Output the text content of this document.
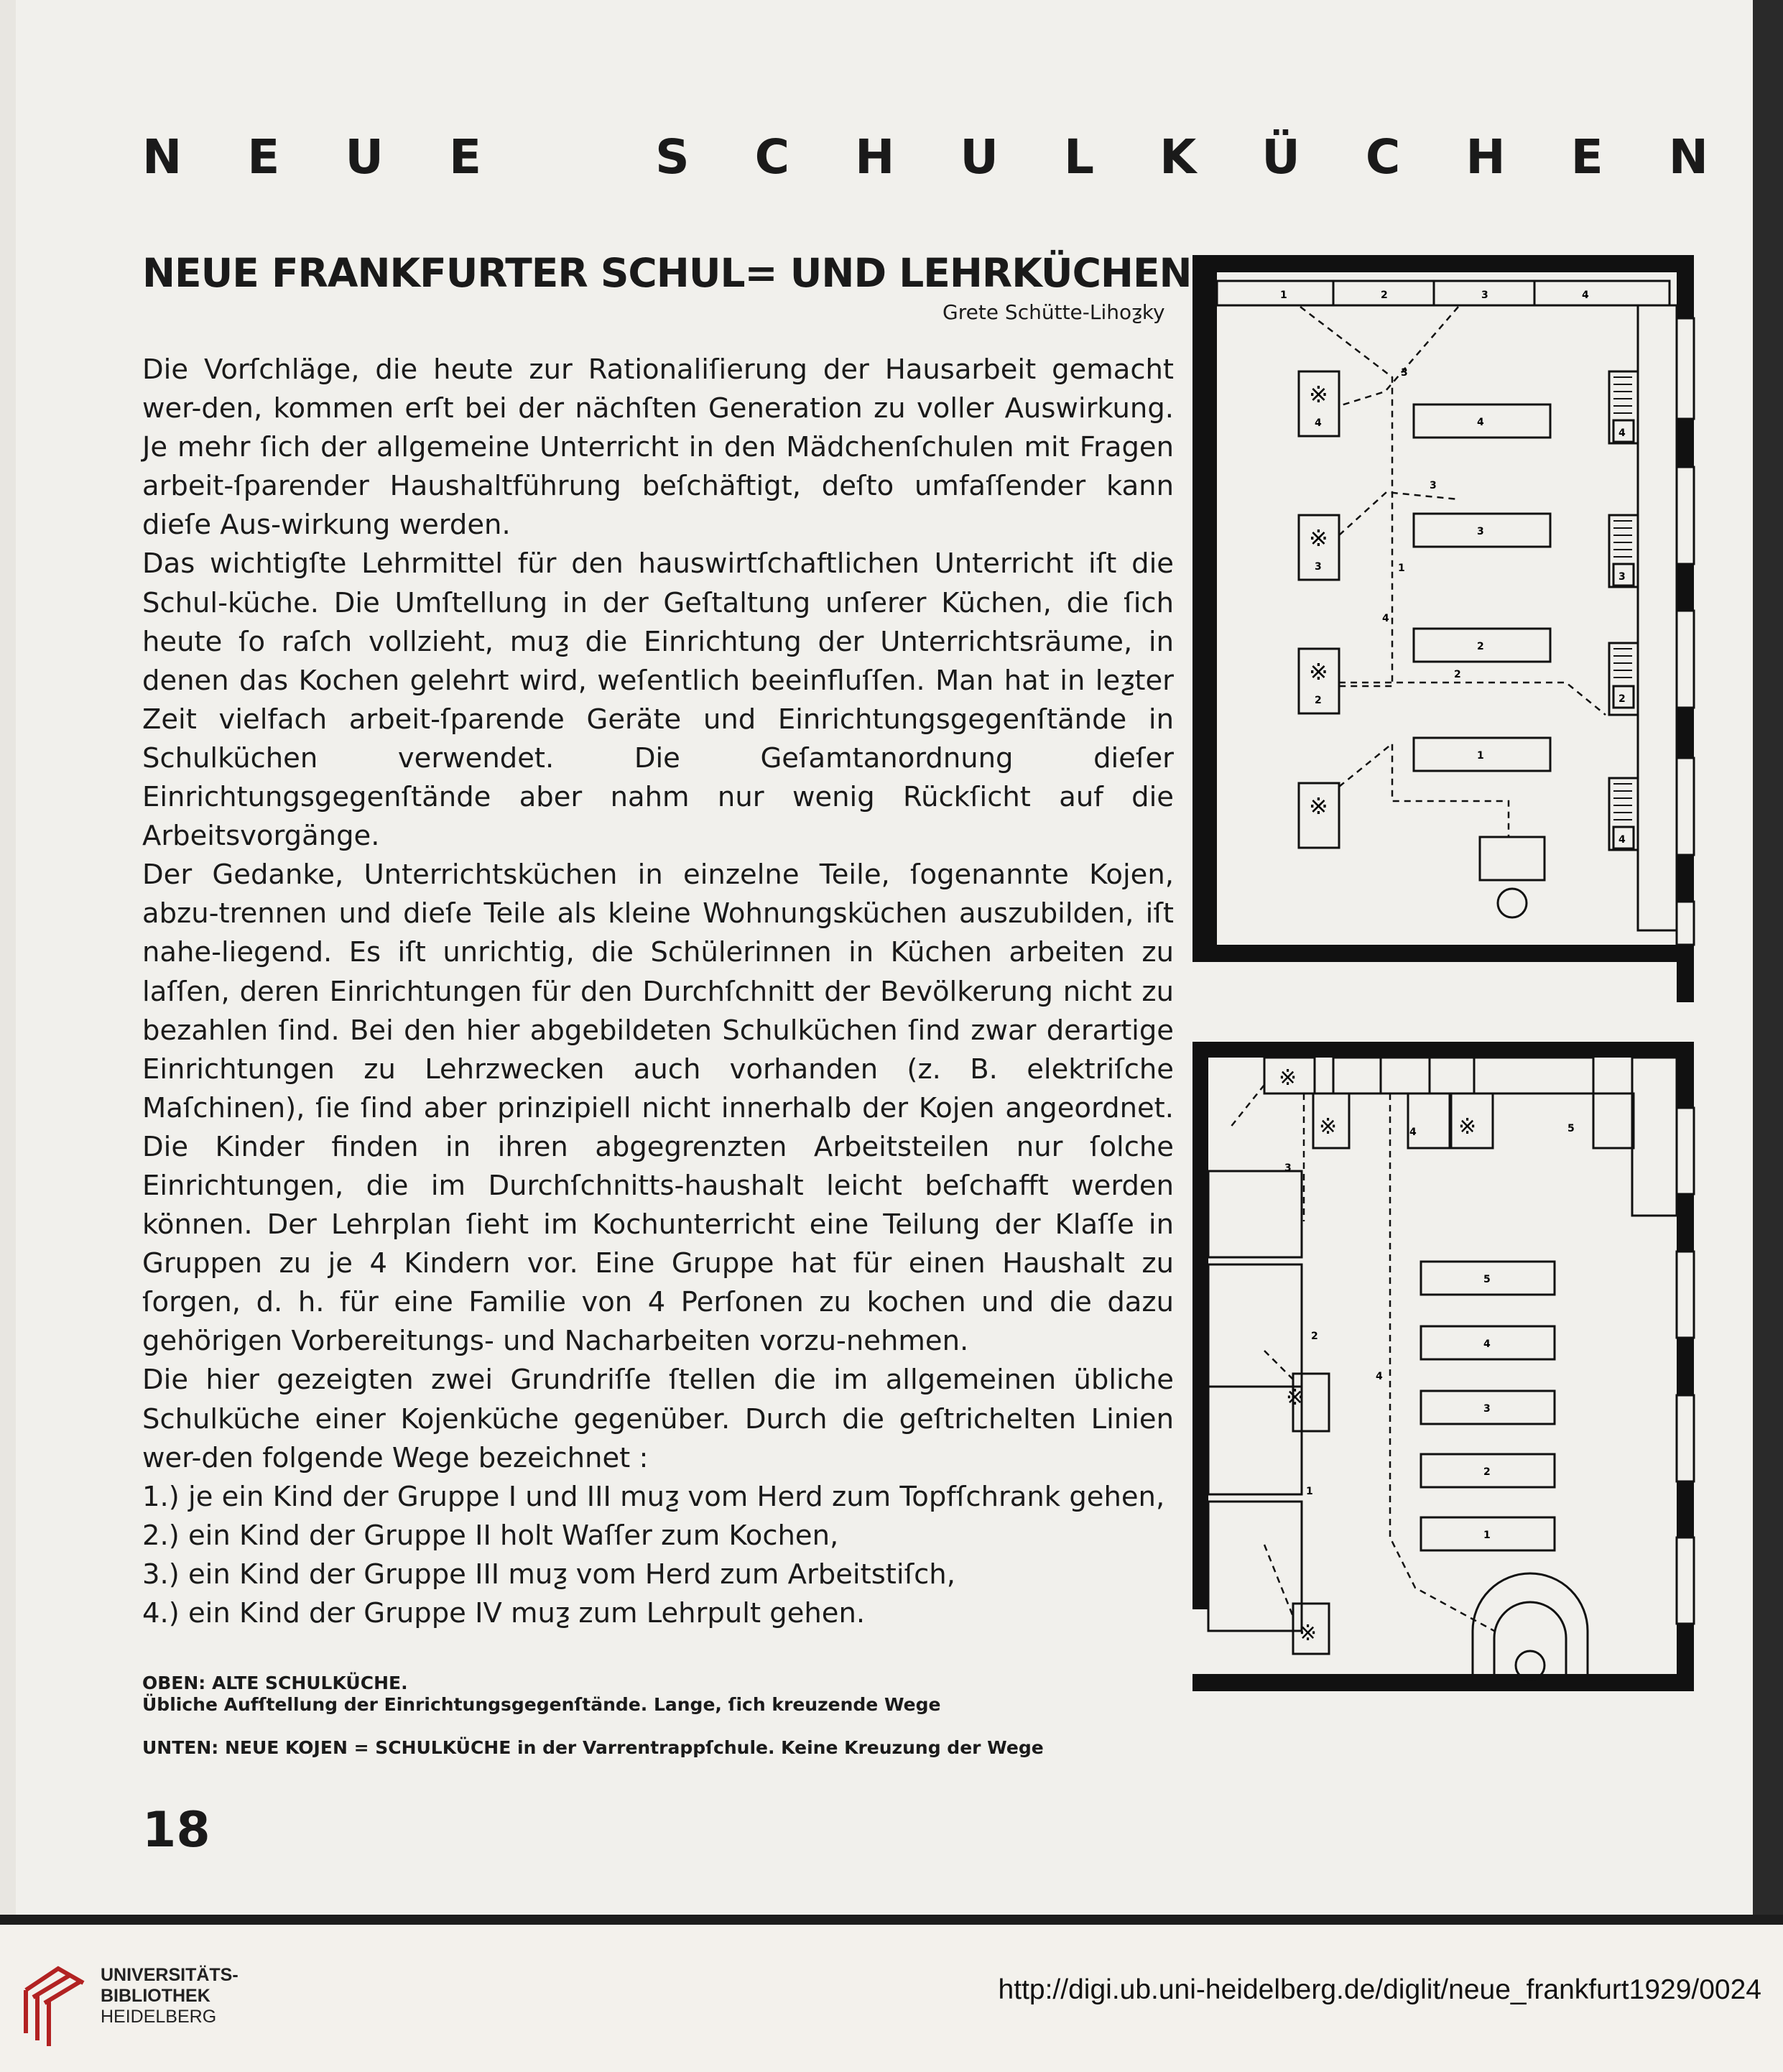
N E U E	S C H U L K Ü C H E N
NEUE FRANKFURTER SCHUL= UND LEHRKÜCHEN
Grete Schütte-Lihoƺky

Die Vorſchläge, die heute zur Rationaliſierung der Hausarbeit gemacht wer-den, kommen erſt bei der nächſten Generation zu voller Auswirkung. Je mehr ſich der allgemeine Unterricht in den Mädchenſchulen mit Fragen arbeit-ſparender Haushaltführung beſchäftigt, deſto umfaſſender kann dieſe Aus-wirkung werden.

Das wichtigſte Lehrmittel für den hauswirtſchaftlichen Unterricht iſt die Schul-küche. Die Umſtellung in der Geſtaltung unſerer Küchen, die ſich heute ſo raſch vollzieht, muƺ die Einrichtung der Unterrichtsräume, in denen das Kochen gelehrt wird, weſentlich beeinfluſſen. Man hat in leƺter Zeit vielfach arbeit-ſparende Geräte und Einrichtungsgegenſtände in Schulküchen verwendet. Die Geſamtanordnung dieſer Einrichtungsgegenſtände aber nahm nur wenig Rückſicht auf die Arbeitsvorgänge.

Der Gedanke, Unterrichtsküchen in einzelne Teile, ſogenannte Kojen, abzu-trennen und dieſe Teile als kleine Wohnungsküchen auszubilden, iſt nahe-liegend. Es iſt unrichtig, die Schülerinnen in Küchen arbeiten zu laſſen, deren Einrichtungen für den Durchſchnitt der Bevölkerung nicht zu bezahlen ſind. Bei den hier abgebildeten Schulküchen ſind zwar derartige Einrichtungen zu Lehrzwecken auch vorhanden (z. B. elektriſche Maſchinen), ſie ſind aber prinzipiell nicht innerhalb der Kojen angeordnet. Die Kinder finden in ihren abgegrenzten Arbeitsteilen nur ſolche Einrichtungen, die im Durchſchnitts-haushalt leicht beſchafft werden können. Der Lehrplan ſieht im Kochunterricht eine Teilung der Klaſſe in Gruppen zu je 4 Kindern vor. Eine Gruppe hat für einen Haushalt zu ſorgen, d. h. für eine Familie von 4 Perſonen zu kochen und die dazu gehörigen Vorbereitungs- und Nacharbeiten vorzu-nehmen.

Die hier gezeigten zwei Grundriſſe ſtellen die im allgemeinen übliche Schulküche einer Kojenküche gegenüber. Durch die geſtrichelten Linien wer-den folgende Wege bezeichnet :

1.) je ein Kind der Gruppe I und III muƺ vom Herd zum Topfſchrank gehen,
2.) ein Kind der Gruppe II holt Waſſer zum Kochen,
3.) ein Kind der Gruppe III muƺ vom Herd zum Arbeitstiſch,
4.) ein Kind der Gruppe IV muƺ zum Lehrpult gehen.
OBEN: ALTE SCHULKÜCHE.
Übliche Aufſtellung der Einrichtungsgegenſtände. Lange, ſich kreuzende Wege
UNTEN: NEUE KOJEN = SCHULKÜCHE in der Varrentrappſchule. Keine Kreuzung der Wege
18
1	2	3	4
4
3
2
4
※
※
※
※
4
3
2
4
3
2
1
3
3
1
4
2
※
※	※
※
※
5
4
3
2
1
4	5
3
2
4
1
UNIVERSITÄTS-
BIBLIOTHEK
HEIDELBERG
http://digi.ub.uni-heidelberg.de/diglit/neue_frankfurt1929/0024
